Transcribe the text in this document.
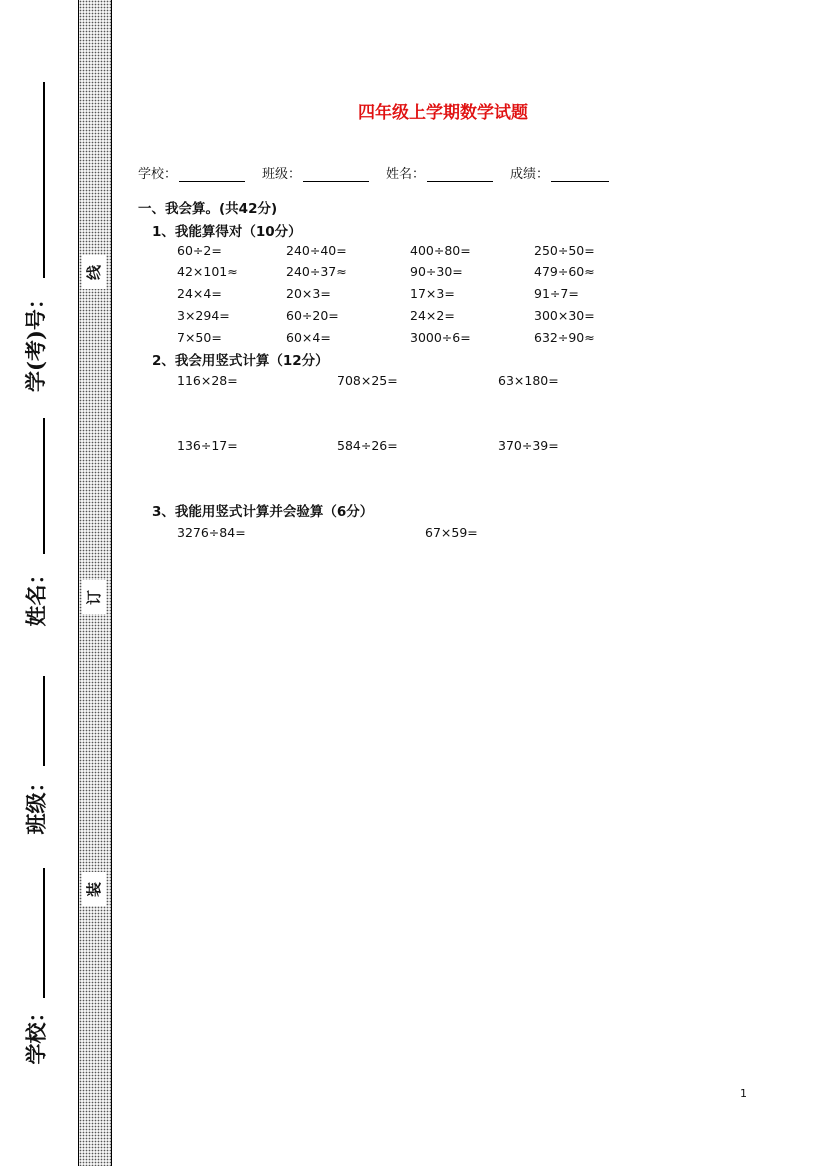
线
订
装
学(考)号：
姓名：
班级：
学校：
四年级上学期数学试题
学校：	班级：	姓名：	成绩：
一、我会算。(共42分)
1、我能算得对（10分）
60÷2=	240÷40=	400÷80=	250÷50=
42×101≈	240÷37≈	90÷30=	479÷60≈
24×4=	20×3=	17×3=	91÷7=
3×294=	60÷20=	24×2=	300×30=
7×50=	60×4=	3000÷6=	632÷90≈
2、我会用竖式计算（12分）
116×28=	708×25=	63×180=
136÷17=	584÷26=	370÷39=
3、我能用竖式计算并会验算（6分）
3276÷84=	67×59=
1
